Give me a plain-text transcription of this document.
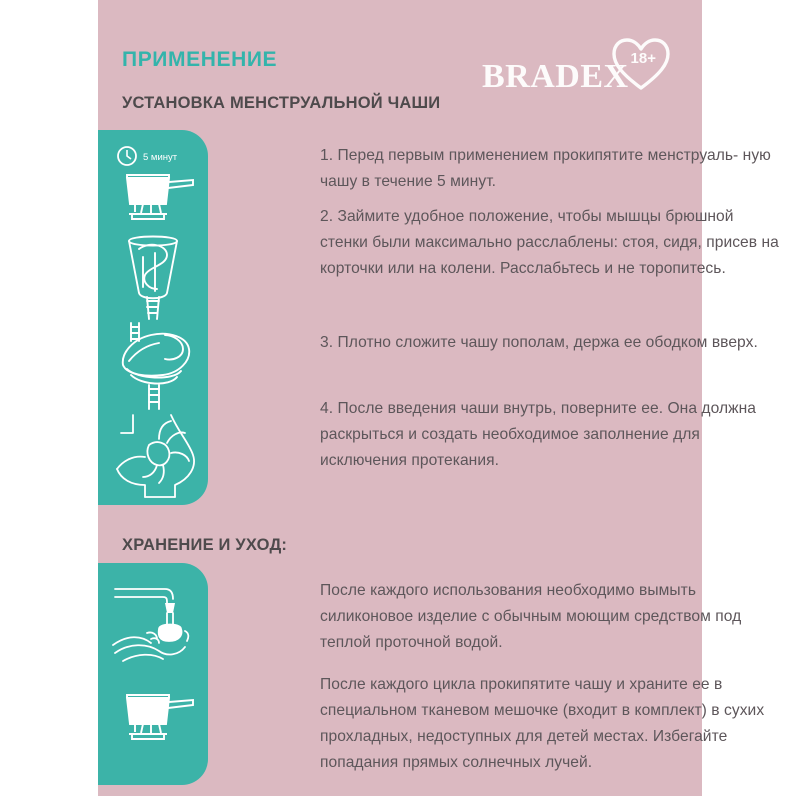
ПРИМЕНЕНИЕ
УСТАНОВКА МЕНСТРУАЛЬНОЙ ЧАШИ
BRADEX 18+
5 минут
ХРАНЕНИЕ И УХОД:
1. Перед первым применением прокипятите менструаль- ную чашу в течение 5 минут.
2. Займите удобное положение, чтобы мышцы брюшной стенки были максимально расслаблены: стоя, сидя, присев на корточки или на колени. Расслабьтесь и не торопитесь.
3. Плотно сложите чашу пополам, держа ее ободком вверх.
4. После введения чаши внутрь, поверните ее. Она должна раскрыться и создать необходимое заполнение для исключения протекания.
После каждого использования необходимо вымыть силиконовое изделие с обычным моющим средством под теплой проточной водой.
После каждого цикла прокипятите чашу и храните ее в специальном тканевом мешочке (входит в комплект) в сухих прохладных, недоступных для детей местах. Избегайте попадания прямых солнечных лучей.
